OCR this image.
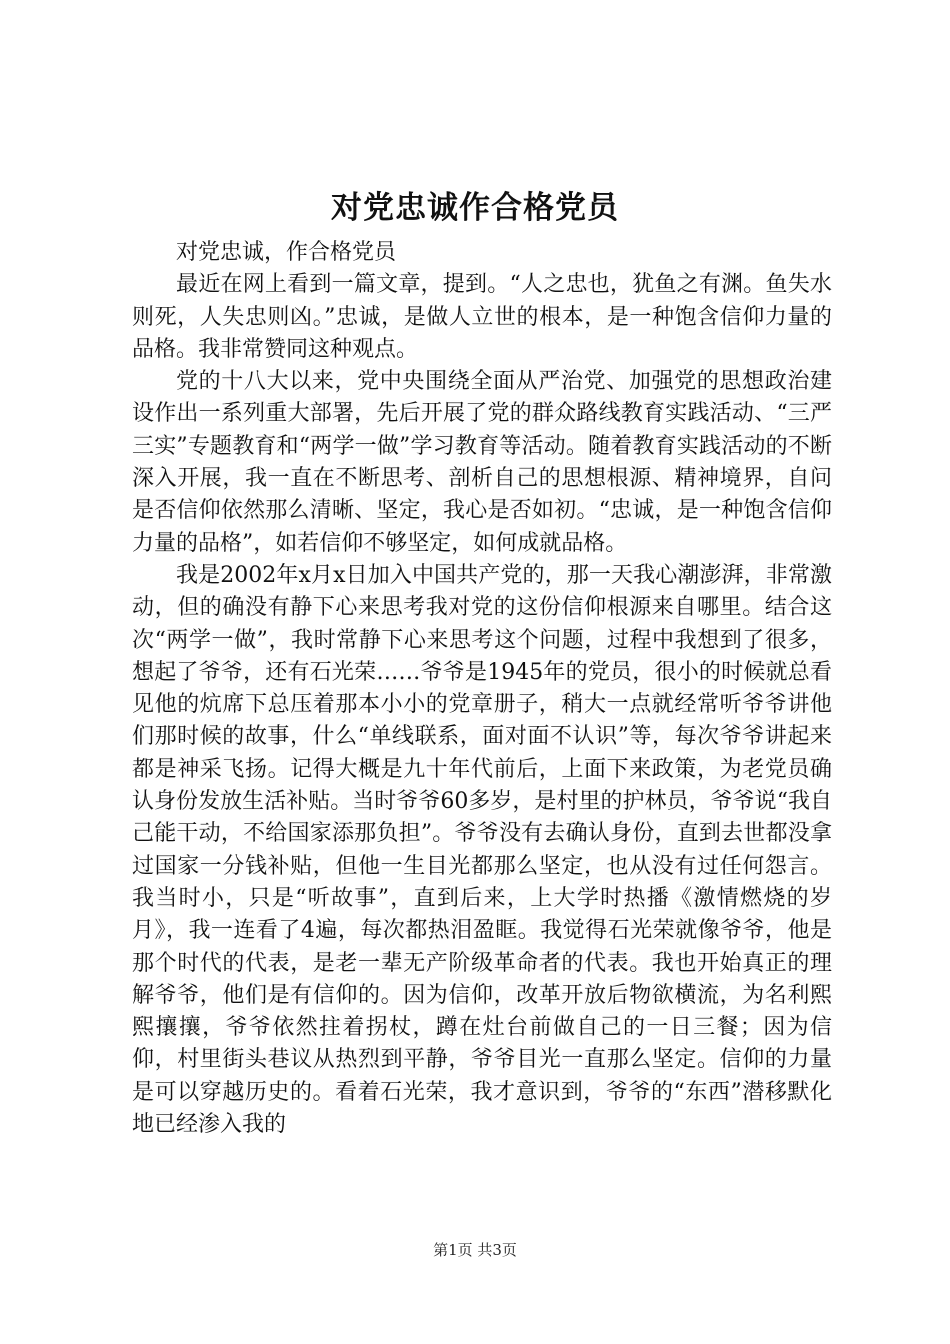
对党忠诚作合格党员

对党忠诚，作合格党员

最近在网上看到一篇文章，提到。“人之忠也，犹鱼之有渊。鱼失水则死，人失忠则凶。”忠诚，是做人立世的根本，是一种饱含信仰力量的品格。我非常赞同这种观点。

党的十八大以来，党中央围绕全面从严治党、加强党的思想政治建设作出一系列重大部署，先后开展了党的群众路线教育实践活动、“三严三实”专题教育和“两学一做”学习教育等活动。随着教育实践活动的不断深入开展，我一直在不断思考、剖析自己的思想根源、精神境界，自问是否信仰依然那么清晰、坚定，我心是否如初。“忠诚，是一种饱含信仰力量的品格”，如若信仰不够坚定，如何成就品格。

我是2002年x月x日加入中国共产党的，那一天我心潮澎湃，非常激动，但的确没有静下心来思考我对党的这份信仰根源来自哪里。结合这次“两学一做”，我时常静下心来思考这个问题，过程中我想到了很多，想起了爷爷，还有石光荣……爷爷是1945年的党员，很小的时候就总看见他的炕席下总压着那本小小的党章册子，稍大一点就经常听爷爷讲他们那时候的故事，什么“单线联系，面对面不认识”等，每次爷爷讲起来都是神采飞扬。记得大概是九十年代前后，上面下来政策，为老党员确认身份发放生活补贴。当时爷爷60多岁，是村里的护林员，爷爷说“我自己能干动，不给国家添那负担”。爷爷没有去确认身份，直到去世都没拿过国家一分钱补贴，但他一生目光都那么坚定，也从没有过任何怨言。我当时小，只是“听故事”，直到后来，上大学时热播《激情燃烧的岁月》，我一连看了4遍，每次都热泪盈眶。我觉得石光荣就像爷爷，他是那个时代的代表，是老一辈无产阶级革命者的代表。我也开始真正的理解爷爷，他们是有信仰的。因为信仰，改革开放后物欲横流，为名利熙熙攘攘，爷爷依然拄着拐杖，蹲在灶台前做自己的一日三餐；因为信仰，村里街头巷议从热烈到平静，爷爷目光一直那么坚定。信仰的力量是可以穿越历史的。看着石光荣，我才意识到，爷爷的“东西”潜移默化地已经渗入我的

第1页 共3页
